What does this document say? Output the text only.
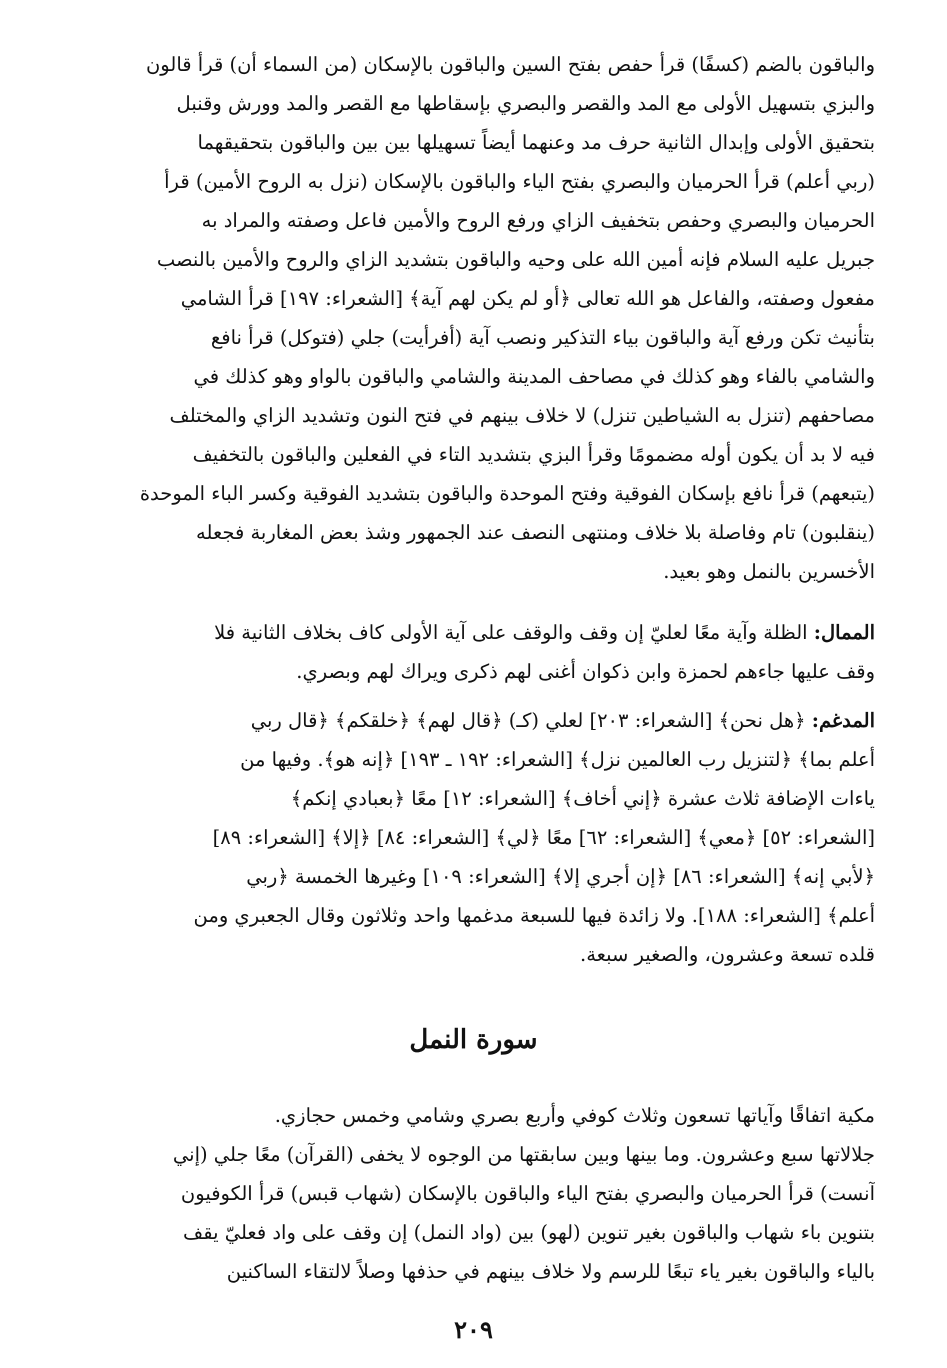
والباقون بالضم (كسفًا) قرأ حفص بفتح السين والباقون بالإسكان (من السماء أن) قرأ قالون
والبزي بتسهيل الأولى مع المد والقصر والبصري بإسقاطها مع القصر والمد وورش وقنبل
بتحقيق الأولى وإبدال الثانية حرف مد وعنهما أيضاً تسهيلها بين بين والباقون بتحقيقهما
(ربي أعلم) قرأ الحرميان والبصري بفتح الياء والباقون بالإسكان (نزل به الروح الأمين) قرأ
الحرميان والبصري وحفص بتخفيف الزاي ورفع الروح والأمين فاعل وصفته والمراد به
جبريل عليه السلام فإنه أمين الله على وحيه والباقون بتشديد الزاي والروح والأمين بالنصب
مفعول وصفته، والفاعل هو الله تعالى ﴿أو لم يكن لهم آية﴾ [الشعراء: ١٩٧] قرأ الشامي
بتأنيث تكن ورفع آية والباقون بياء التذكير ونصب آية (أفرأيت) جلي (فتوكل) قرأ نافع
والشامي بالفاء وهو كذلك في مصاحف المدينة والشامي والباقون بالواو وهو كذلك في
مصاحفهم (تنزل به الشياطين تنزل) لا خلاف بينهم في فتح النون وتشديد الزاي والمختلف
فيه لا بد أن يكون أوله مضمومًا وقرأ البزي بتشديد التاء في الفعلين والباقون بالتخفيف
(يتبعهم) قرأ نافع بإسكان الفوقية وفتح الموحدة والباقون بتشديد الفوقية وكسر الباء الموحدة
(ينقلبون) تام وفاصلة بلا خلاف ومنتهى النصف عند الجمهور وشذ بعض المغاربة فجعله
الأخسرين بالنمل وهو بعيد.
الممال: الظلة وآية معًا لعليّ إن وقف والوقف على آية الأولى كاف بخلاف الثانية فلا
وقف عليها جاءهم لحمزة وابن ذكوان أغنى لهم ذكرى ويراك لهم وبصري.
المدغم: ﴿هل نحن﴾ [الشعراء: ٢٠٣] لعلي (كـ) ﴿قال لهم﴾ ﴿خلقكم﴾ ﴿قال ربي
أعلم بما﴾ ﴿لتنزيل رب العالمين نزل﴾ [الشعراء: ١٩٢ ـ ١٩٣] ﴿إنه هو﴾. وفيها من
ياءات الإضافة ثلاث عشرة ﴿إني أخاف﴾ [الشعراء: ١٢] معًا ﴿بعبادي إنكم﴾
[الشعراء: ٥٢] ﴿معي﴾ [الشعراء: ٦٢] معًا ﴿لي﴾ [الشعراء: ٨٤] ﴿إلا﴾ [الشعراء: ٨٩]
﴿لأبي إنه﴾ [الشعراء: ٨٦] ﴿إن أجري إلا﴾ [الشعراء: ١٠٩] وغيرها الخمسة ﴿ربي
أعلم﴾ [الشعراء: ١٨٨]. ولا زائدة فيها للسبعة مدغمها واحد وثلاثون وقال الجعبري ومن
قلده تسعة وعشرون، والصغير سبعة.
سورة النمل
مكية اتفاقًا وآياتها تسعون وثلاث كوفي وأربع بصري وشامي وخمس حجازي.
جلالاتها سبع وعشرون. وما بينها وبين سابقتها من الوجوه لا يخفى (القرآن) معًا جلي (إني
آنست) قرأ الحرميان والبصري بفتح الياء والباقون بالإسكان (شهاب قبس) قرأ الكوفيون
بتنوين باء شهاب والباقون بغير تنوين (لهو) بين (واد النمل) إن وقف على واد فعليّ يقف
بالياء والباقون بغير ياء تبعًا للرسم ولا خلاف بينهم في حذفها وصلاً لالتقاء الساكنين
٢٠٩
